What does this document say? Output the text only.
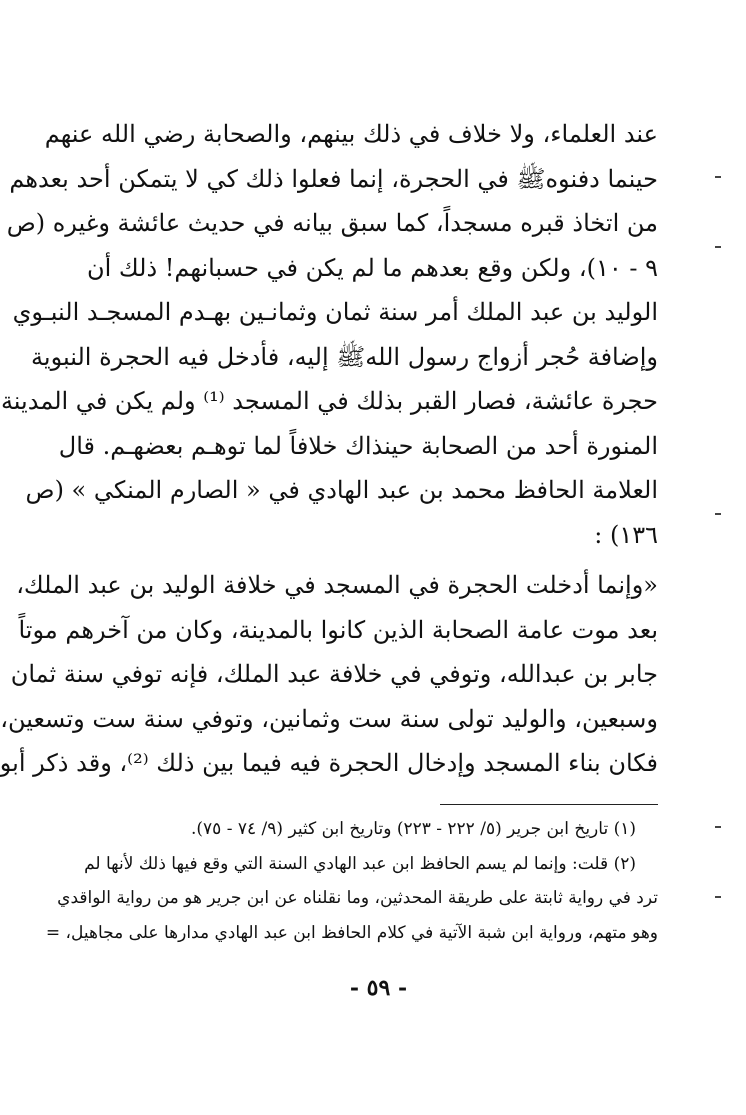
عند العلماء، ولا خلاف في ذلك بينهم، والصحابة رضي الله عنهم
حينما دفنوهﷺ في الحجرة، إنما فعلوا ذلك كي لا يتمكن أحد بعدهم
من اتخاذ قبره مسجداً، كما سبق بيانه في حديث عائشة وغيره (ص
٩ - ١٠)، ولكن وقع بعدهم ما لم يكن في حسبانهم! ذلك أن
الوليد بن عبد الملك أمر سنة ثمان وثمانـين بهـدم المسجـد النبـوي
وإضافة حُجر أزواج رسول اللهﷺ إليه، فأدخل فيه الحجرة النبوية
حجرة عائشة، فصار القبر بذلك في المسجد ⁽¹⁾ ولم يكن في المدينة
المنورة أحد من الصحابة حينذاك خلافاً لما توهـم بعضهـم. قال
العلامة الحافظ محمد بن عبد الهادي في « الصارم المنكي » (ص
١٣٦) :
«وإنما أدخلت الحجرة في المسجد في خلافة الوليد بن عبد الملك،
بعد موت عامة الصحابة الذين كانوا بالمدينة، وكان من آخرهم موتاً
جابر بن عبدالله، وتوفي في خلافة عبد الملك، فإنه توفي سنة ثمان
وسبعين، والوليد تولى سنة ست وثمانين، وتوفي سنة ست وتسعين،
فكان بناء المسجد وإدخال الحجرة فيه فيما بين ذلك ⁽²⁾، وقد ذكر أبو
(١) تاريخ ابن جرير (٥/ ٢٢٢ - ٢٢٣) وتاريخ ابن كثير (٩/ ٧٤ - ٧٥).
(٢) قلت: وإنما لم يسم الحافظ ابن عبد الهادي السنة التي وقع فيها ذلك لأنها لم
ترد في رواية ثابتة على طريقة المحدثين، وما نقلناه عن ابن جرير هو من رواية الواقدي
وهو متهم، ورواية ابن شبة الآتية في كلام الحافظ ابن عبد الهادي مدارها على مجاهيل، =
- ٥٩ -
